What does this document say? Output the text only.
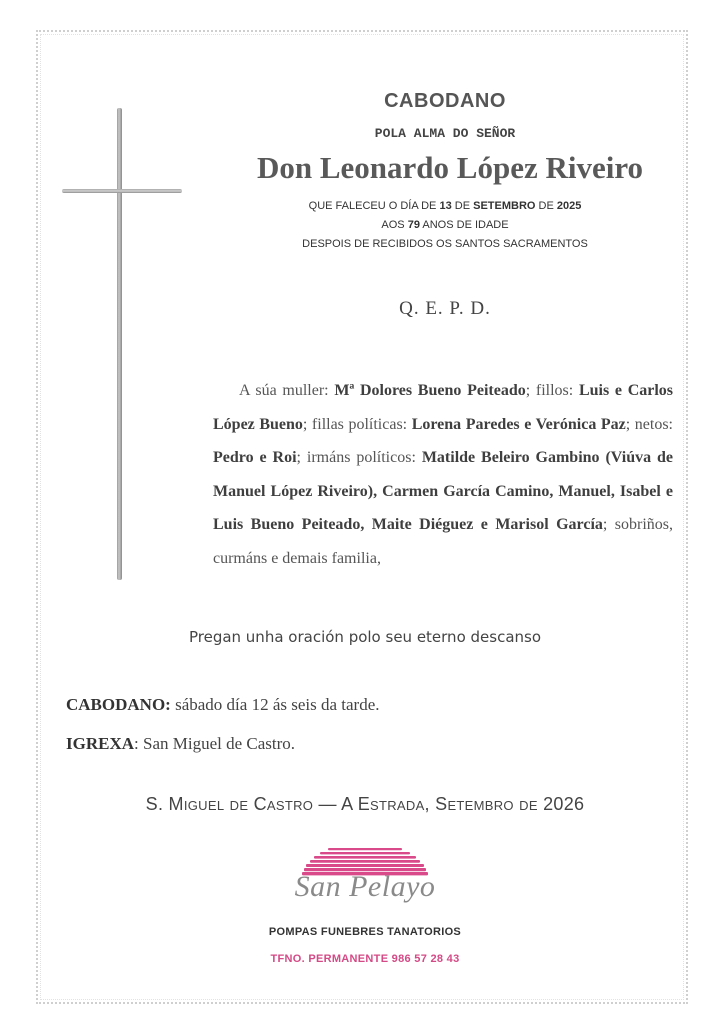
CABODANO
POLA ALMA DO SEÑOR
Don Leonardo López Riveiro
QUE FALECEU O DÍA DE 13 DE SETEMBRO DE 2025
AOS 79 ANOS DE IDADE
DESPOIS DE RECIBIDOS OS SANTOS SACRAMENTOS
Q. E. P. D.
A súa muller: Mª Dolores Bueno Peiteado; fillos: Luis e Carlos López Bueno; fillas políticas: Lorena Paredes e Verónica Paz; netos: Pedro e Roi; irmáns políticos: Matilde Beleiro Gambino (Viúva de Manuel López Riveiro), Carmen García Camino, Manuel, Isabel e Luis Bueno Peiteado, Maite Diéguez e Marisol García; sobriños, curmáns e demais familia,
Pregan unha oración polo seu eterno descanso
CABODANO: sábado día 12 ás seis da tarde.
IGREXA: San Miguel de Castro.
S. Miguel de Castro — A Estrada, Setembro de 2026
San Pelayo
POMPAS FUNEBRES TANATORIOS
TFNO. PERMANENTE 986 57 28 43
